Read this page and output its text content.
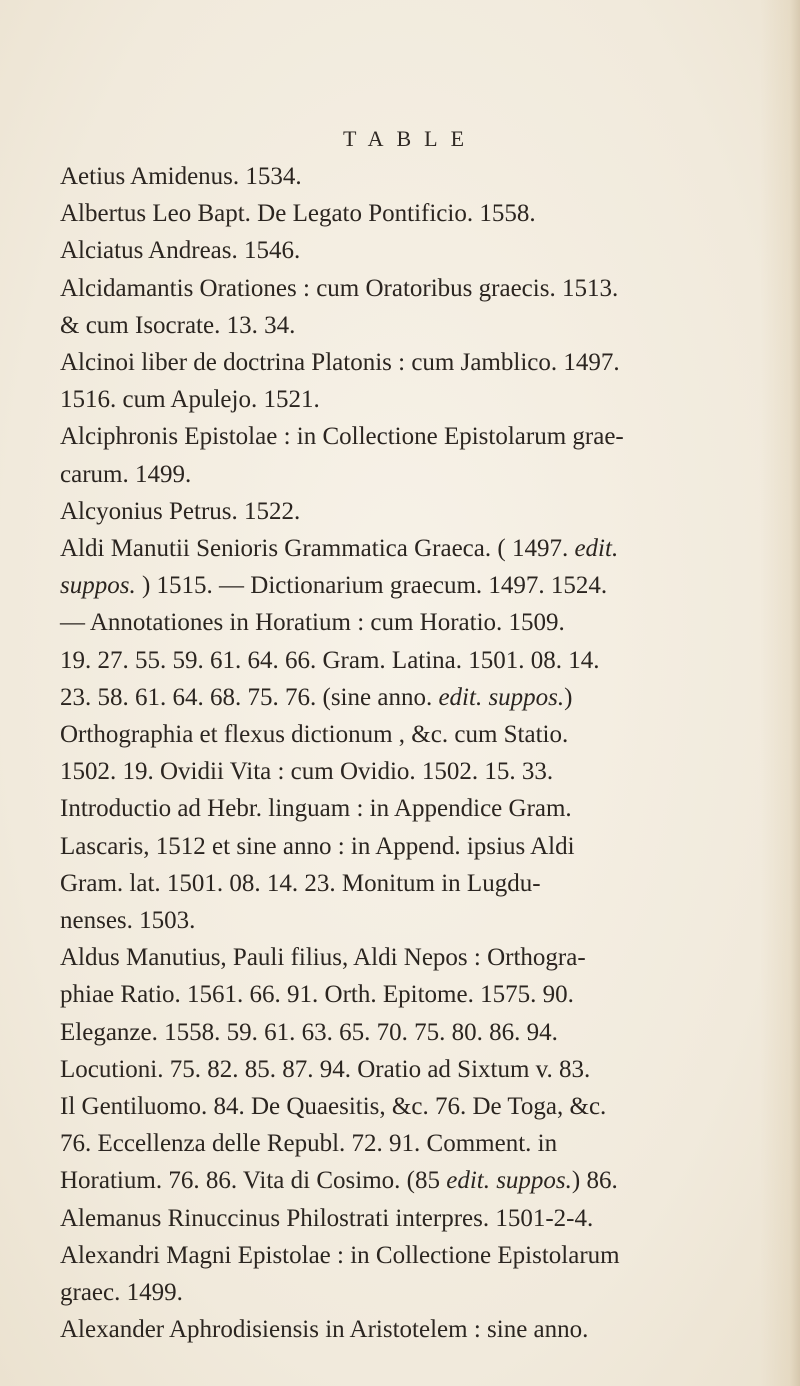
TABLE

Aetius Amidenus. 1534.

Albertus Leo Bapt. De Legato Pontificio. 1558.

Alciatus Andreas. 1546.

Alcidamantis Orationes : cum Oratoribus graecis. 1513.
& cum Isocrate. 13. 34.

Alcinoi liber de doctrina Platonis : cum Jamblico. 1497.
1516. cum Apulejo. 1521.

Alciphronis Epistolae : in Collectione Epistolarum grae-
carum. 1499.

Alcyonius Petrus. 1522.

Aldi Manutii Senioris Grammatica Graeca. ( 1497. edit.
suppos. ) 1515. — Dictionarium graecum. 1497. 1524.
— Annotationes in Horatium : cum Horatio. 1509.
19. 27. 55. 59. 61. 64. 66. Gram. Latina. 1501. 08. 14.
23. 58. 61. 64. 68. 75. 76. (sine anno. edit. suppos.)
Orthographia et flexus dictionum , &c. cum Statio.
1502. 19. Ovidii Vita : cum Ovidio. 1502. 15. 33.
Introductio ad Hebr. linguam : in Appendice Gram.
Lascaris, 1512 et sine anno : in Append. ipsius Aldi
Gram. lat. 1501. 08. 14. 23. Monitum in Lugdu-
nenses. 1503.

Aldus Manutius, Pauli filius, Aldi Nepos : Orthogra-
phiae Ratio. 1561. 66. 91. Orth. Epitome. 1575. 90.
Eleganze. 1558. 59. 61. 63. 65. 70. 75. 80. 86. 94.
Locutioni. 75. 82. 85. 87. 94. Oratio ad Sixtum v. 83.
Il Gentiluomo. 84. De Quaesitis, &c. 76. De Toga, &c.
76. Eccellenza delle Republ. 72. 91. Comment. in
Horatium. 76. 86. Vita di Cosimo. (85 edit. suppos.) 86.

Alemanus Rinuccinus Philostrati interpres. 1501-2-4.

Alexandri Magni Epistolae : in Collectione Epistolarum
graec. 1499.

Alexander Aphrodisiensis in Aristotelem : sine anno.
